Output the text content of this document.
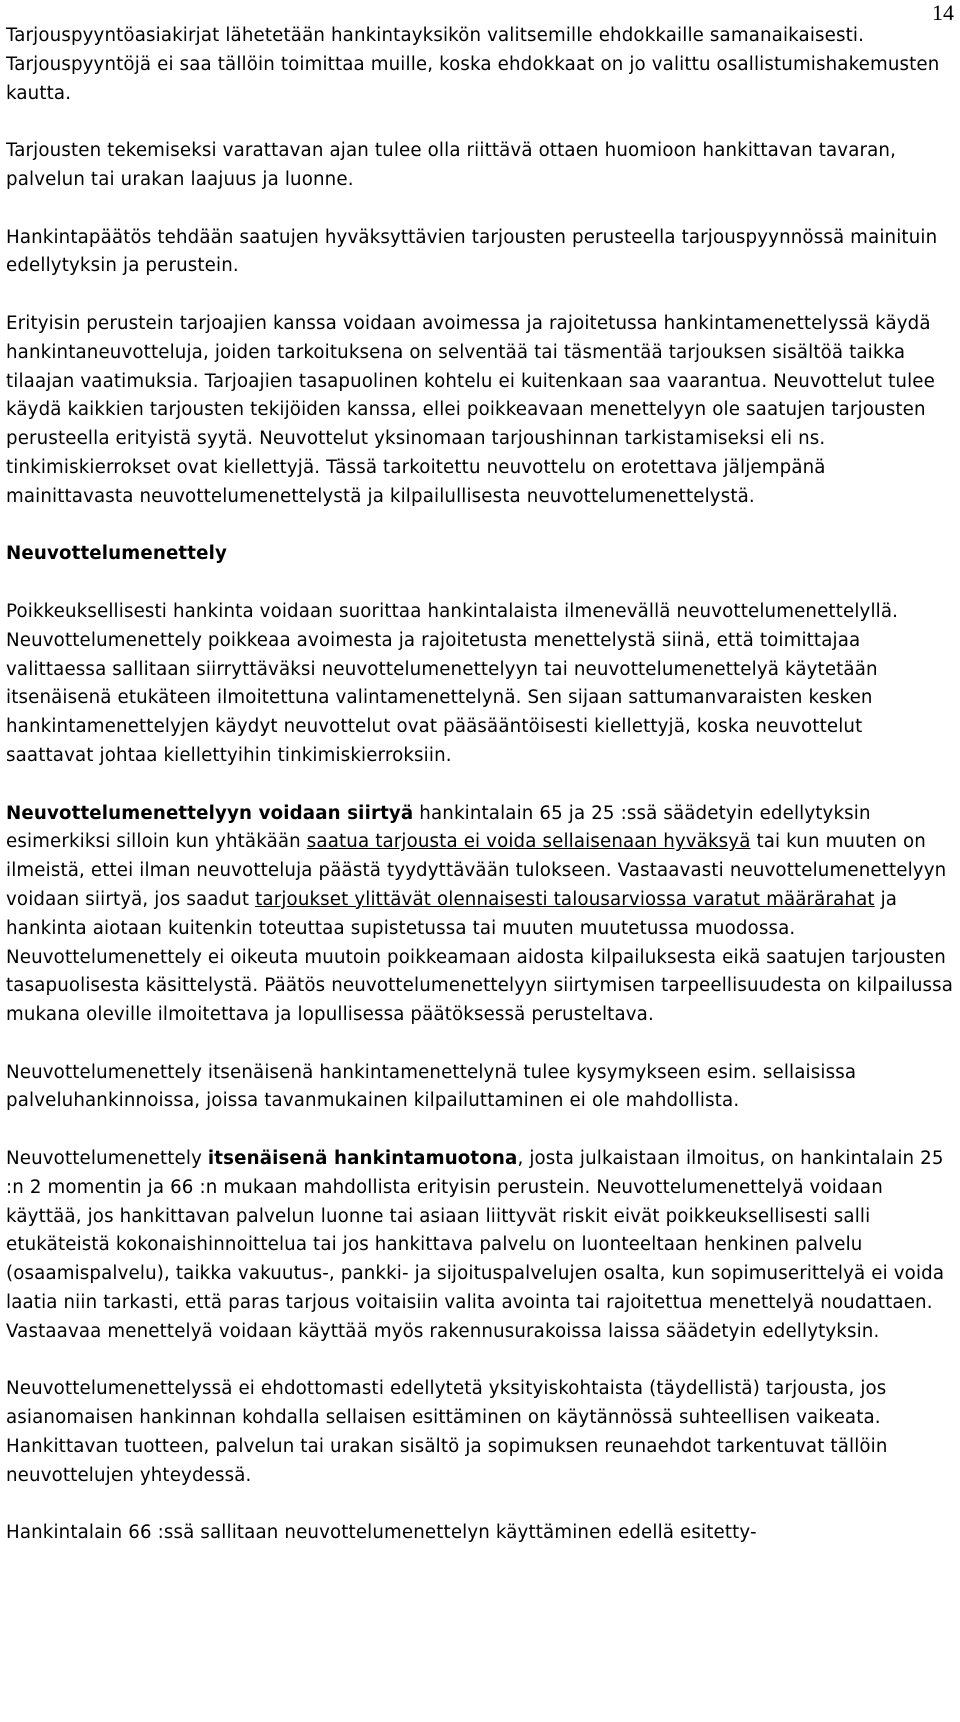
14

Tarjouspyyntöasiakirjat lähetetään hankintayksikön valitsemille ehdokkaille samanaikaisesti. Tarjouspyyntöjä ei saa tällöin toimittaa muille, koska ehdokkaat on jo valittu osallistumishakemusten kautta.

Tarjousten tekemiseksi varattavan ajan tulee olla riittävä ottaen huomioon hankittavan tavaran, palvelun tai urakan laajuus ja luonne.

Hankintapäätös tehdään saatujen hyväksyttävien tarjousten perusteella tarjouspyynnössä mainituin edellytyksin ja perustein.

Erityisin perustein tarjoajien kanssa voidaan avoimessa ja rajoitetussa hankintamenettelyssä käydä hankintaneuvotteluja, joiden tarkoituksena on selventää tai täsmentää tarjouksen sisältöä taikka tilaajan vaatimuksia. Tarjoajien tasapuolinen kohtelu ei kuitenkaan saa vaarantua. Neuvottelut tulee käydä kaikkien tarjousten tekijöiden kanssa, ellei poikkeavaan menettelyyn ole saatujen tarjousten perusteella erityistä syytä. Neuvottelut yksinomaan tarjoushinnan tarkistamiseksi eli ns. tinkimiskierrokset ovat kiellettyjä. Tässä tarkoitettu neuvottelu on erotettava jäljempänä mainittavasta neuvottelumenettelystä ja kilpailullisesta neuvottelumenettelystä.

Neuvottelumenettely

Poikkeuksellisesti hankinta voidaan suorittaa hankintalaista ilmenevällä neuvottelumenettelyllä. Neuvottelumenettely poikkeaa avoimesta ja rajoitetusta menettelystä siinä, että toimittajaa valittaessa sallitaan siirryttäväksi neuvottelumenettelyyn tai neuvottelumenettelyä käytetään itsenäisenä etukäteen ilmoitettuna valintamenettelynä. Sen sijaan sattumanvaraisten kesken hankintamenettelyjen käydyt neuvottelut ovat pääsääntöisesti kiellettyjä, koska neuvottelut saattavat johtaa kiellettyihin tinkimiskierroksiin.

Neuvottelumenettelyyn voidaan siirtyä hankintalain 65 ja 25 :ssä säädetyin edellytyksin esimerkiksi silloin kun yhtäkään saatua tarjousta ei voida sellaisenaan hyväksyä tai kun muuten on ilmeistä, ettei ilman neuvotteluja päästä tyydyttävään tulokseen. Vastaavasti neuvottelumenettelyyn voidaan siirtyä, jos saadut tarjoukset ylittävät olennaisesti talousarviossa varatut määrärahat ja hankinta aiotaan kuitenkin toteuttaa supistetussa tai muuten muutetussa muodossa. Neuvottelumenettely ei oikeuta muutoin poikkeamaan aidosta kilpailuksesta eikä saatujen tarjousten tasapuolisesta käsittelystä. Päätös neuvottelumenettelyyn siirtymisen tarpeellisuudesta on kilpailussa mukana oleville ilmoitettava ja lopullisessa päätöksessä perusteltava.

Neuvottelumenettely itsenäisenä hankintamenettelynä tulee kysymykseen esim. sellaisissa palveluhankinnoissa, joissa tavanmukainen kilpailuttaminen ei ole mahdollista.

Neuvottelumenettely itsenäisenä hankintamuotona, josta julkaistaan ilmoitus, on hankintalain 25 :n 2 momentin ja 66 :n mukaan mahdollista erityisin perustein. Neuvottelumenettelyä voidaan käyttää, jos hankittavan palvelun luonne tai asiaan liittyvät riskit eivät poikkeuksellisesti salli etukäteistä kokonaishinnoittelua tai jos hankittava palvelu on luonteeltaan henkinen palvelu (osaamispalvelu), taikka vakuutus-, pankki- ja sijoituspalvelujen osalta, kun sopimuserittelyä ei voida laatia niin tarkasti, että paras tarjous voitaisiin valita avointa tai rajoitettua menettelyä noudattaen. Vastaavaa menettelyä voidaan käyttää myös rakennusurakoissa laissa säädetyin edellytyksin.

Neuvottelumenettelyssä ei ehdottomasti edellytetä yksityiskohtaista (täydellistä) tarjousta, jos asianomaisen hankinnan kohdalla sellaisen esittäminen on käytännössä suhteellisen vaikeata. Hankittavan tuotteen, palvelun tai urakan sisältö ja sopimuksen reunaehdot tarkentuvat tällöin neuvottelujen yhteydessä.

Hankintalain 66 :ssä sallitaan neuvottelumenettelyn käyttäminen edellä esitetty-
